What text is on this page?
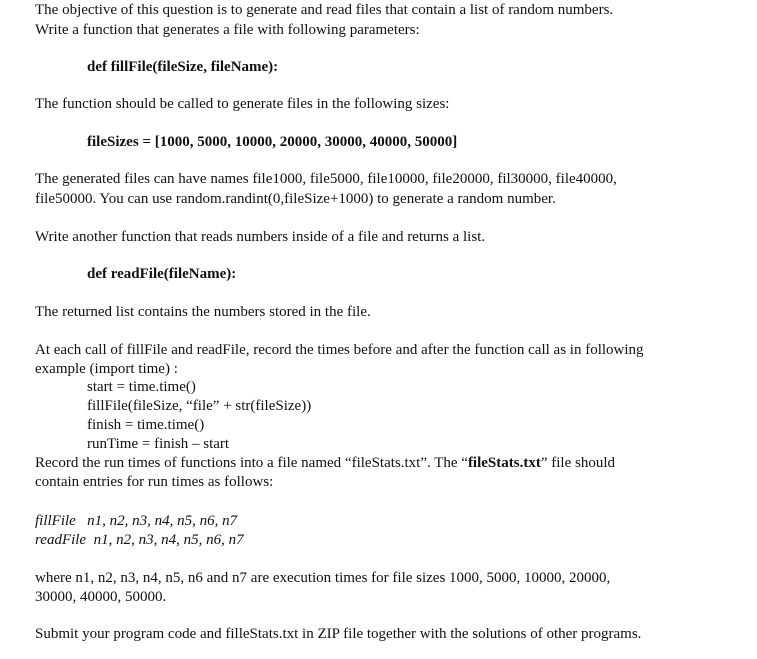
The objective of this question is to generate and read files that contain a list of random numbers.
Write a function that generates a file with following parameters:
def fillFile(fileSize, fileName):
The function should be called to generate files in the following sizes:
fileSizes = [1000, 5000, 10000, 20000, 30000, 40000, 50000]
The generated files can have names file1000, file5000, file10000, file20000, fil30000, file40000,
file50000. You can use random.randint(0,fileSize+1000) to generate a random number.
Write another function that reads numbers inside of a file and returns a list.
def readFile(fileName):
The returned list contains the numbers stored in the file.
At each call of fillFile and readFile, record the times before and after the function call as in following
example (import time) :
start = time.time()
fillFile(fileSize, “file” + str(fileSize))
finish = time.time()
runTime = finish – start
Record the run times of functions into a file named “fileStats.txt”. The “fileStats.txt” file should
contain entries for run times as follows:
fillFile   n1, n2, n3, n4, n5, n6, n7
readFile  n1, n2, n3, n4, n5, n6, n7
where n1, n2, n3, n4, n5, n6 and n7 are execution times for file sizes 1000, 5000, 10000, 20000,
30000, 40000, 50000.
Submit your program code and filleStats.txt in ZIP file together with the solutions of other programs.
